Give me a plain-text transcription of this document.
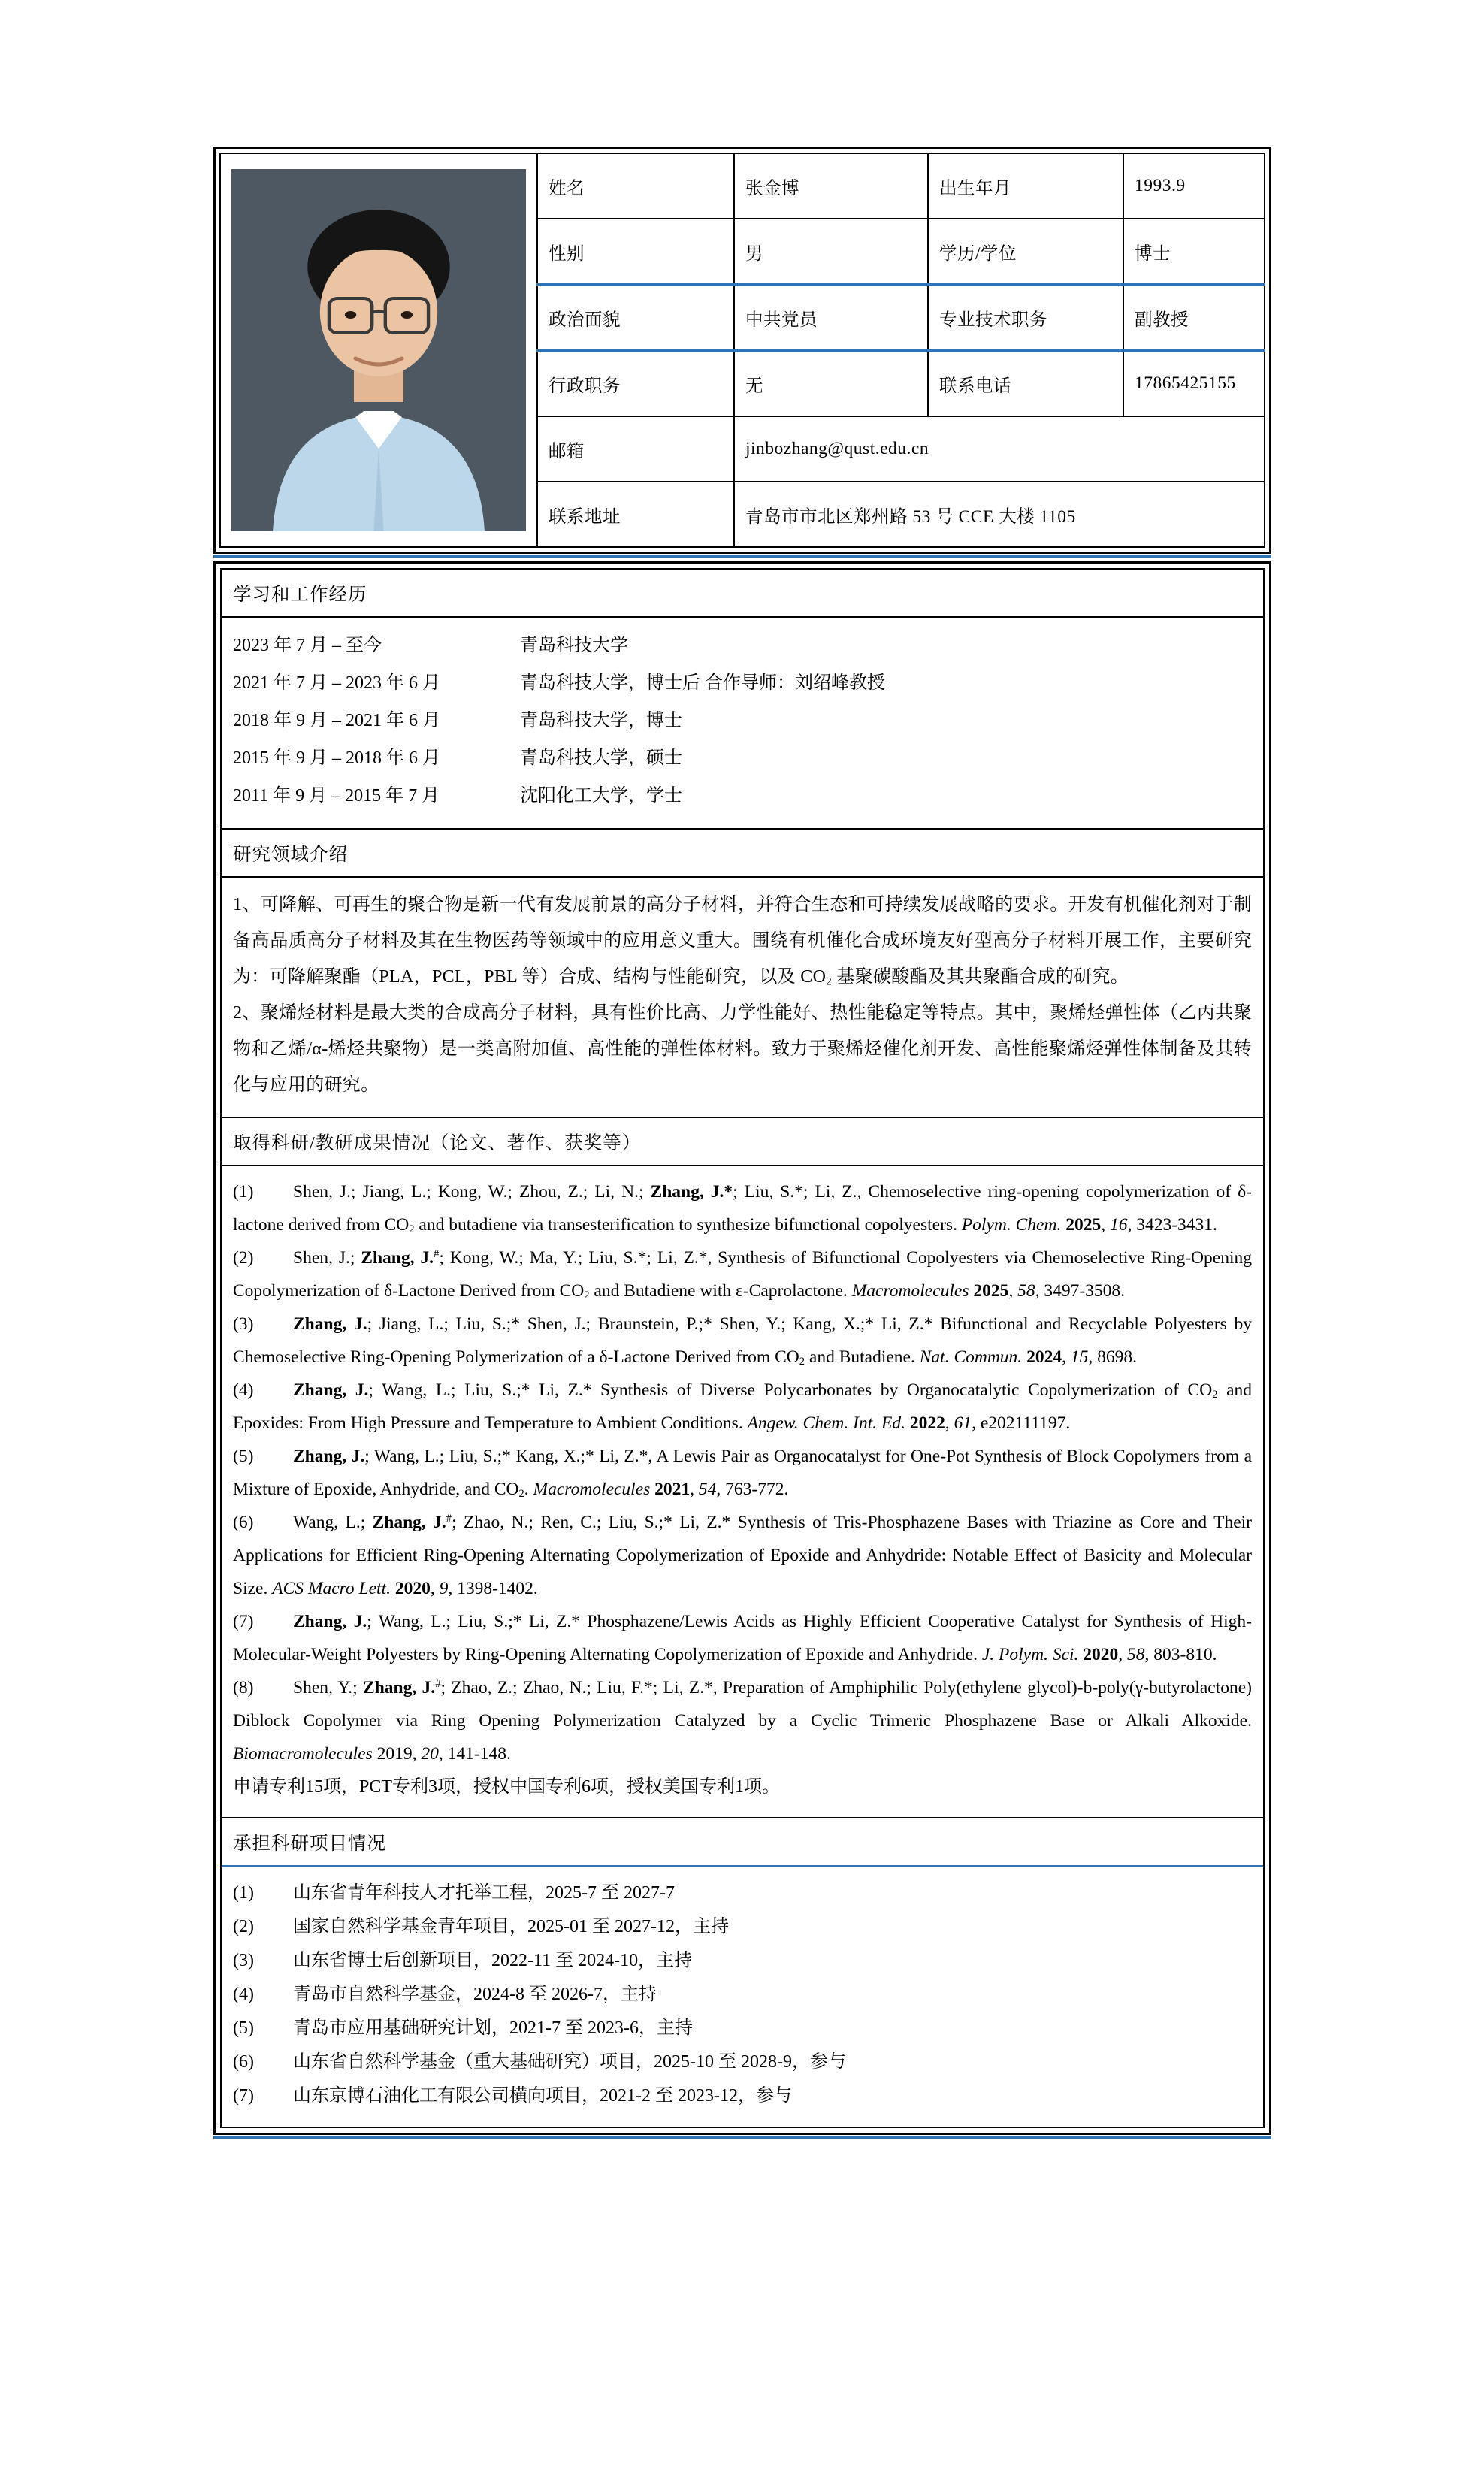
	姓名	张金博	出生年月	1993.9
	性别	男	学历/学位	博士
	政治面貌	中共党员	专业技术职务	副教授
	行政职务	无	联系电话	17865425155
	邮箱	jinbozhang@qust.edu.cn		
	联系地址	青岛市市北区郑州路 53 号 CCE 大楼 1105		
学习和工作经历
2023 年 7 月 – 至今	青岛科技大学
2021 年 7 月 – 2023 年 6 月	青岛科技大学，博士后 合作导师：刘绍峰教授
2018 年 9 月 – 2021 年 6 月	青岛科技大学，博士
2015 年 9 月 – 2018 年 6 月	青岛科技大学，硕士
2011 年 9 月 – 2015 年 7 月	沈阳化工大学，学士
研究领域介绍

1、可降解、可再生的聚合物是新一代有发展前景的高分子材料，并符合生态和可持续发展战略的要求。开发有机催化剂对于制备高品质高分子材料及其在生物医药等领域中的应用意义重大。围绕有机催化合成环境友好型高分子材料开展工作，主要研究为：可降解聚酯（PLA，PCL，PBL 等）合成、结构与性能研究，以及 $CO_2$ 基聚碳酸酯及其共聚酯合成的研究。

2、聚烯烃材料是最大类的合成高分子材料，具有性价比高、力学性能好、热性能稳定等特点。其中，聚烯烃弹性体（乙丙共聚物和乙烯/α-烯烃共聚物）是一类高附加值、高性能的弹性体材料。致力于聚烯烃催化剂开发、高性能聚烯烃弹性体制备及其转化与应用的研究。

取得科研/教研成果情况（论文、著作、获奖等）

(1) Shen, J.; Jiang, L.; Kong, W.; Zhou, Z.; Li, N.; Zhang, J.*; Liu, S.*; Li, Z., Chemoselective ring-opening copolymerization of δ-lactone derived from $CO_2$ and butadiene via transesterification to synthesize bifunctional copolyesters. Polym. Chem. 2025, 16, 3423-3431.

(2) Shen, J.; Zhang, J.#; Kong, W.; Ma, Y.; Liu, S.*; Li, Z.*, Synthesis of Bifunctional Copolyesters via Chemoselective Ring-Opening Copolymerization of δ-Lactone Derived from $CO_2$ and Butadiene with ε-Caprolactone. Macromolecules 2025, 58, 3497-3508.

(3) Zhang, J.; Jiang, L.; Liu, S.;* Shen, J.; Braunstein, P.;* Shen, Y.; Kang, X.;* Li, Z.* Bifunctional and Recyclable Polyesters by Chemoselective Ring-Opening Polymerization of a δ-Lactone Derived from $CO_2$ and Butadiene. Nat. Commun. 2024, 15, 8698.

(4) Zhang, J.; Wang, L.; Liu, S.;* Li, Z.* Synthesis of Diverse Polycarbonates by Organocatalytic Copolymerization of $CO_2$ and Epoxides: From High Pressure and Temperature to Ambient Conditions. Angew. Chem. Int. Ed. 2022, 61, e202111197.

(5) Zhang, J.; Wang, L.; Liu, S.;* Kang, X.;* Li, Z.*, A Lewis Pair as Organocatalyst for One-Pot Synthesis of Block Copolymers from a Mixture of Epoxide, Anhydride, and $CO_2$. Macromolecules 2021, 54, 763-772.

(6) Wang, L.; Zhang, J.#; Zhao, N.; Ren, C.; Liu, S.;* Li, Z.* Synthesis of Tris-Phosphazene Bases with Triazine as Core and Their Applications for Efficient Ring-Opening Alternating Copolymerization of Epoxide and Anhydride: Notable Effect of Basicity and Molecular Size. ACS Macro Lett. 2020, 9, 1398-1402.

(7) Zhang, J.; Wang, L.; Liu, S.;* Li, Z.* Phosphazene/Lewis Acids as Highly Efficient Cooperative Catalyst for Synthesis of High-Molecular-Weight Polyesters by Ring-Opening Alternating Copolymerization of Epoxide and Anhydride. J. Polym. Sci. 2020, 58, 803-810.

(8) Shen, Y.; Zhang, J.#; Zhao, Z.; Zhao, N.; Liu, F.*; Li, Z.*, Preparation of Amphiphilic Poly(ethylene glycol)-b-poly(γ-butyrolactone) Diblock Copolymer via Ring Opening Polymerization Catalyzed by a Cyclic Trimeric Phosphazene Base or Alkali Alkoxide. Biomacromolecules 2019, 20, 141-148.

申请专利15项，PCT专利3项，授权中国专利6项，授权美国专利1项。

承担科研项目情况
(1) 山东省青年科技人才托举工程，2025-7 至 2027-7
(2) 国家自然科学基金青年项目，2025-01 至 2027-12，主持
(3) 山东省博士后创新项目，2022-11 至 2024-10，主持
(4) 青岛市自然科学基金，2024-8 至 2026-7，主持
(5) 青岛市应用基础研究计划，2021-7 至 2023-6，主持
(6) 山东省自然科学基金（重大基础研究）项目，2025-10 至 2028-9，参与
(7) 山东京博石油化工有限公司横向项目，2021-2 至 2023-12，参与
